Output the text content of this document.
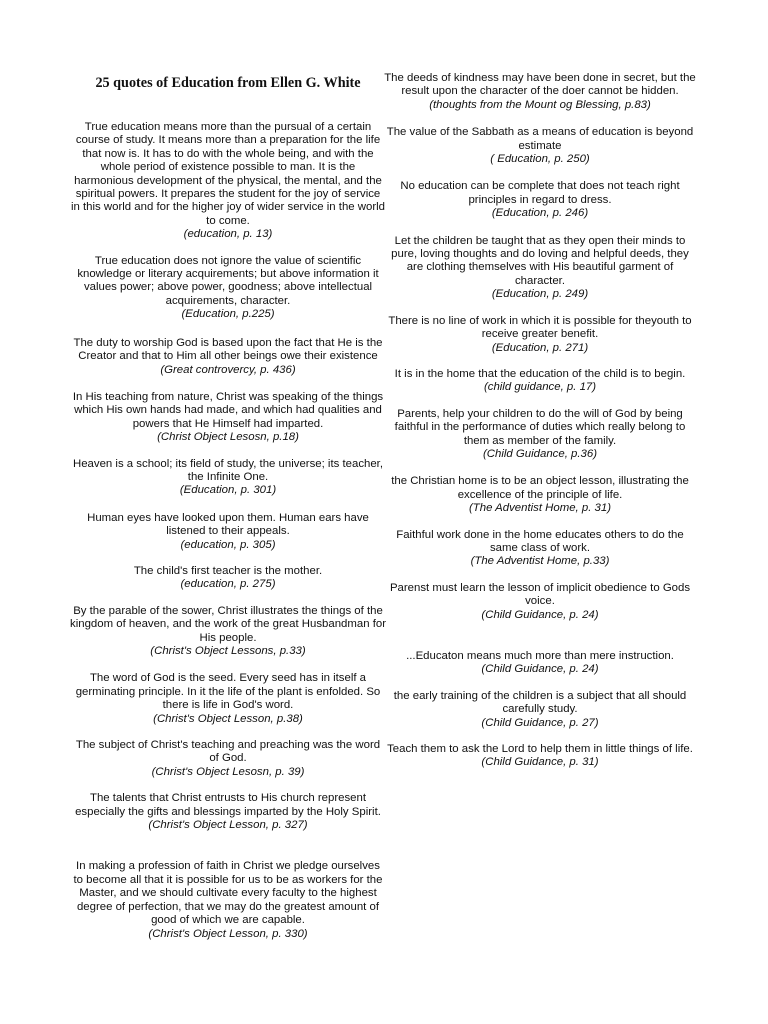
25 quotes of Education from Ellen G. White
True education means more than the pursual of a certain course of study. It means more than a preparation for the life that now is. It has to do with the whole being, and with the whole period of existence possible to man. It is the harmonious development of the physical, the mental, and the spiritual powers. It prepares the student for the joy of service in this world and for the higher joy of wider service in the world to come.
(education, p. 13)
True education does not ignore the value of scientific knowledge or literary acquirements; but above information it values power; above power, goodness; above intellectual acquirements, character.
(Education, p.225)
The duty to worship God is based upon the fact that He is the Creator and that to Him all other beings owe their existence
(Great controvercy, p. 436)
In His teaching from nature, Christ was speaking of the things which His own hands had made, and which had qualities and powers that He Himself had imparted.
(Christ Object Lesosn, p.18)
Heaven is a school; its field of study, the universe; its teacher, the Infinite One.
(Education, p. 301)
Human eyes have looked upon them. Human ears have listened to their appeals.
(education, p. 305)
The child's first teacher is the mother.
(education, p. 275)
By the parable of the sower, Christ illustrates the things of the kingdom of heaven, and the work of the great Husbandman for His people.
(Christ's Object Lessons, p.33)
The word of God is the seed. Every seed has in itself a germinating principle. In it the life of the plant is enfolded. So there is life in God's word.
(Christ's Object Lesson, p.38)
The subject of Christ's teaching and preaching was the word of God.
(Christ's Object Lesosn, p. 39)
The talents that Christ entrusts to His church represent especially the gifts and blessings imparted by the Holy Spirit.
(Christ's Object Lesson, p. 327)
In making a profession of faith in Christ we pledge ourselves to become all that it is possible for us to be as workers for the Master, and we should cultivate every faculty to the highest degree of perfection, that we may do the greatest amount of good of which we are capable.
(Christ's Object Lesson, p. 330)
The deeds of kindness may have been done in secret, but the result upon the character of the doer cannot be hidden.
(thoughts from the Mount og Blessing, p.83)
The value of the Sabbath as a means of education is beyond estimate
( Education, p. 250)
No education can be complete that does not teach right principles in regard to dress.
(Education, p. 246)
Let the children be taught that as they open their minds to pure, loving thoughts and do loving and helpful deeds, they are clothing themselves with His beautiful garment of character.
(Education, p. 249)
There is no line of work in which it is possible for theyouth to receive greater benefit.
(Education, p. 271)
It is in the home that the education of the child is to begin.
(child guidance, p. 17)
Parents, help your children to do the will of God by being faithful in the performance of duties which really belong to them as member of the family.
(Child Guidance, p.36)
the Christian home is to be an object lesson, illustrating the excellence of the principle of life.
(The Adventist Home, p. 31)
Faithful work done in the home educates others to do the same class of work.
(The Adventist Home, p.33)
Parenst must learn the lesson of implicit obedience to Gods voice.
(Child Guidance, p. 24)
...Educaton means much more than mere instruction.
(Child Guidance, p. 24)
the early training of the children is a subject that all should carefully study.
(Child Guidance, p. 27)
Teach them to ask the Lord to help them in little things of life.
(Child Guidance, p. 31)
